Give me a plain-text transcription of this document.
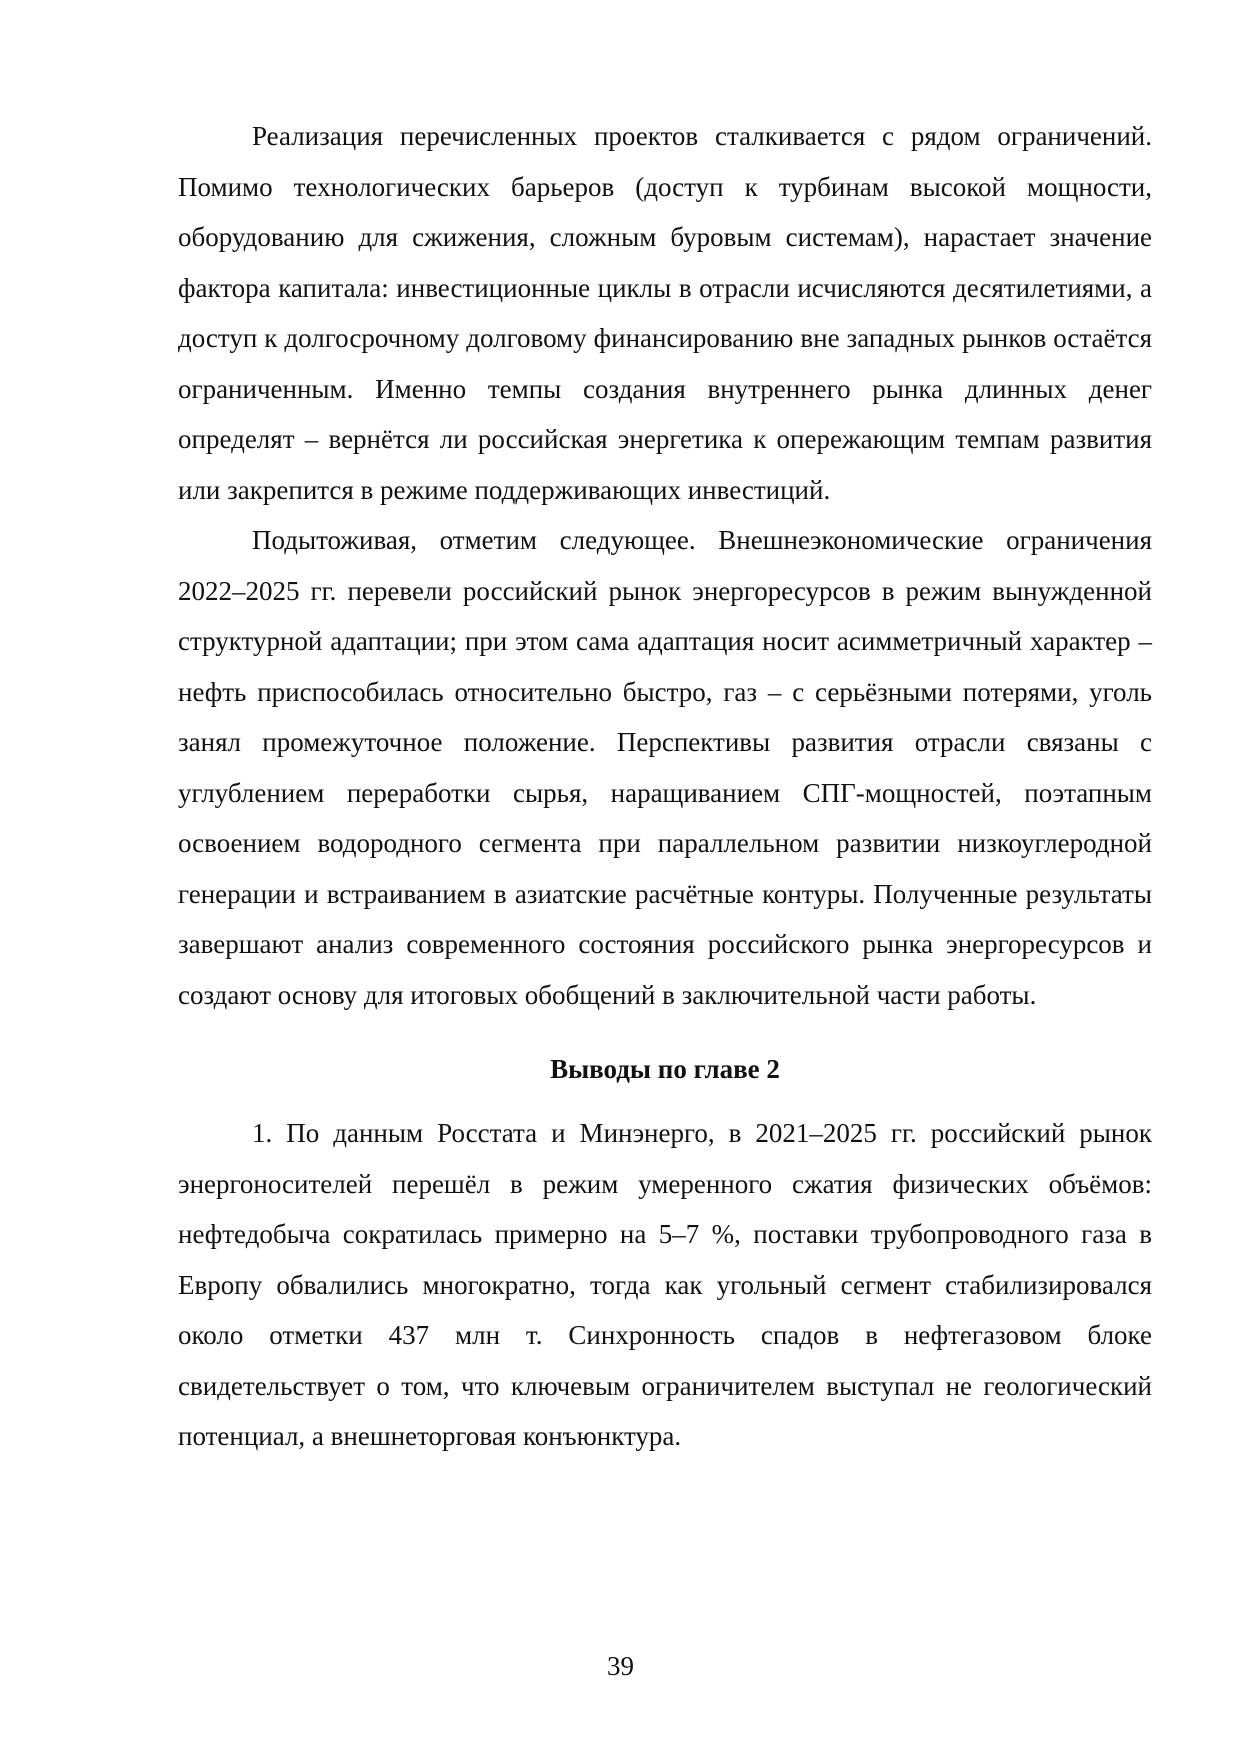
Реализация перечисленных проектов сталкивается с рядом ограничений. Помимо технологических барьеров (доступ к турбинам высокой мощности, оборудованию для сжижения, сложным буровым системам), нарастает значение фактора капитала: инвестиционные циклы в отрасли исчисляются десятилетиями, а доступ к долгосрочному долговому финансированию вне западных рынков остаётся ограниченным. Именно темпы создания внутреннего рынка длинных денег определят – вернётся ли российская энергетика к опережающим темпам развития или закрепится в режиме поддерживающих инвестиций.

Подытоживая, отметим следующее. Внешнеэкономические ограничения 2022–2025 гг. перевели российский рынок энергоресурсов в режим вынужденной структурной адаптации; при этом сама адаптация носит асимметричный характер – нефть приспособилась относительно быстро, газ – с серьёзными потерями, уголь занял промежуточное положение. Перспективы развития отрасли связаны с углублением переработки сырья, наращиванием СПГ-мощностей, поэтапным освоением водородного сегмента при параллельном развитии низкоуглеродной генерации и встраиванием в азиатские расчётные контуры. Полученные результаты завершают анализ современного состояния российского рынка энергоресурсов и создают основу для итоговых обобщений в заключительной части работы.

Выводы по главе 2

1. По данным Росстата и Минэнерго, в 2021–2025 гг. российский рынок энергоносителей перешёл в режим умеренного сжатия физических объёмов: нефтедобыча сократилась примерно на 5–7 %, поставки трубопроводного газа в Европу обвалились многократно, тогда как угольный сегмент стабилизировался около отметки 437 млн т. Синхронность спадов в нефтегазовом блоке свидетельствует о том, что ключевым ограничителем выступал не геологический потенциал, а внешнеторговая конъюнктура.

39
